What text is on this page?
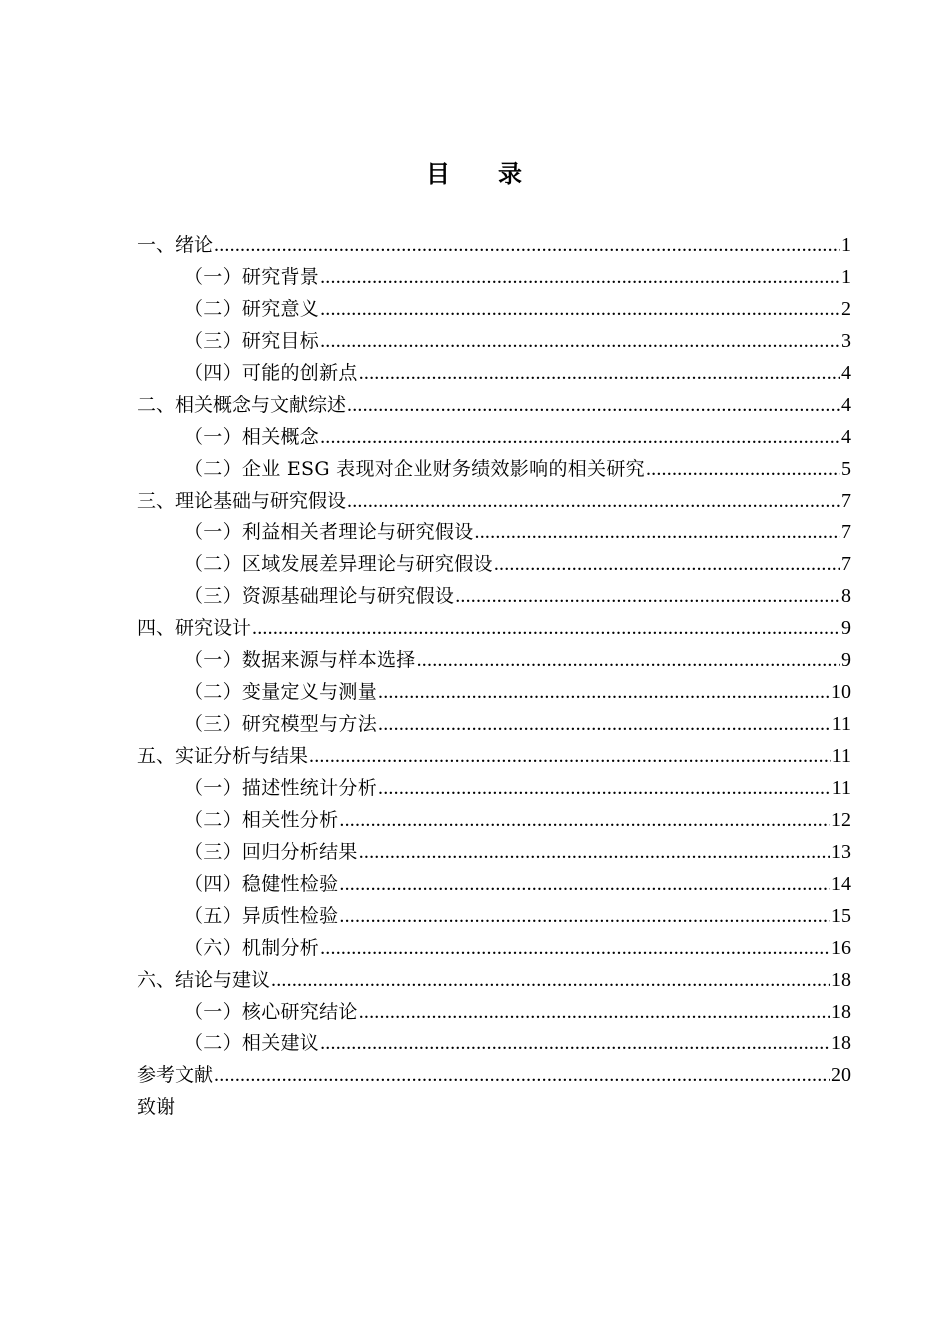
目 录
一、绪论 .....	1
（一）研究背景 .....	1
（二）研究意义 .....	2
（三）研究目标 .....	3
（四）可能的创新点 .....	4
二、相关概念与文献综述 .....	4
（一）相关概念 .....	4
（二）企业 ESG 表现对企业财务绩效影响的相关研究 .....	5
三、理论基础与研究假设 .....	7
（一）利益相关者理论与研究假设 .....	7
（二）区域发展差异理论与研究假设 .....	7
（三）资源基础理论与研究假设 .....	8
四、研究设计 .....	9
（一）数据来源与样本选择 .....	9
（二）变量定义与测量 .....	10
（三）研究模型与方法 .....	11
五、实证分析与结果 .....	11
（一）描述性统计分析 .....	11
（二）相关性分析 .....	12
（三）回归分析结果 .....	13
（四）稳健性检验 .....	14
（五）异质性检验 .....	15
（六）机制分析 .....	16
六、结论与建议 .....	18
（一）核心研究结论 .....	18
（二）相关建议 .....	18
参考文献 .....	20
致谢
